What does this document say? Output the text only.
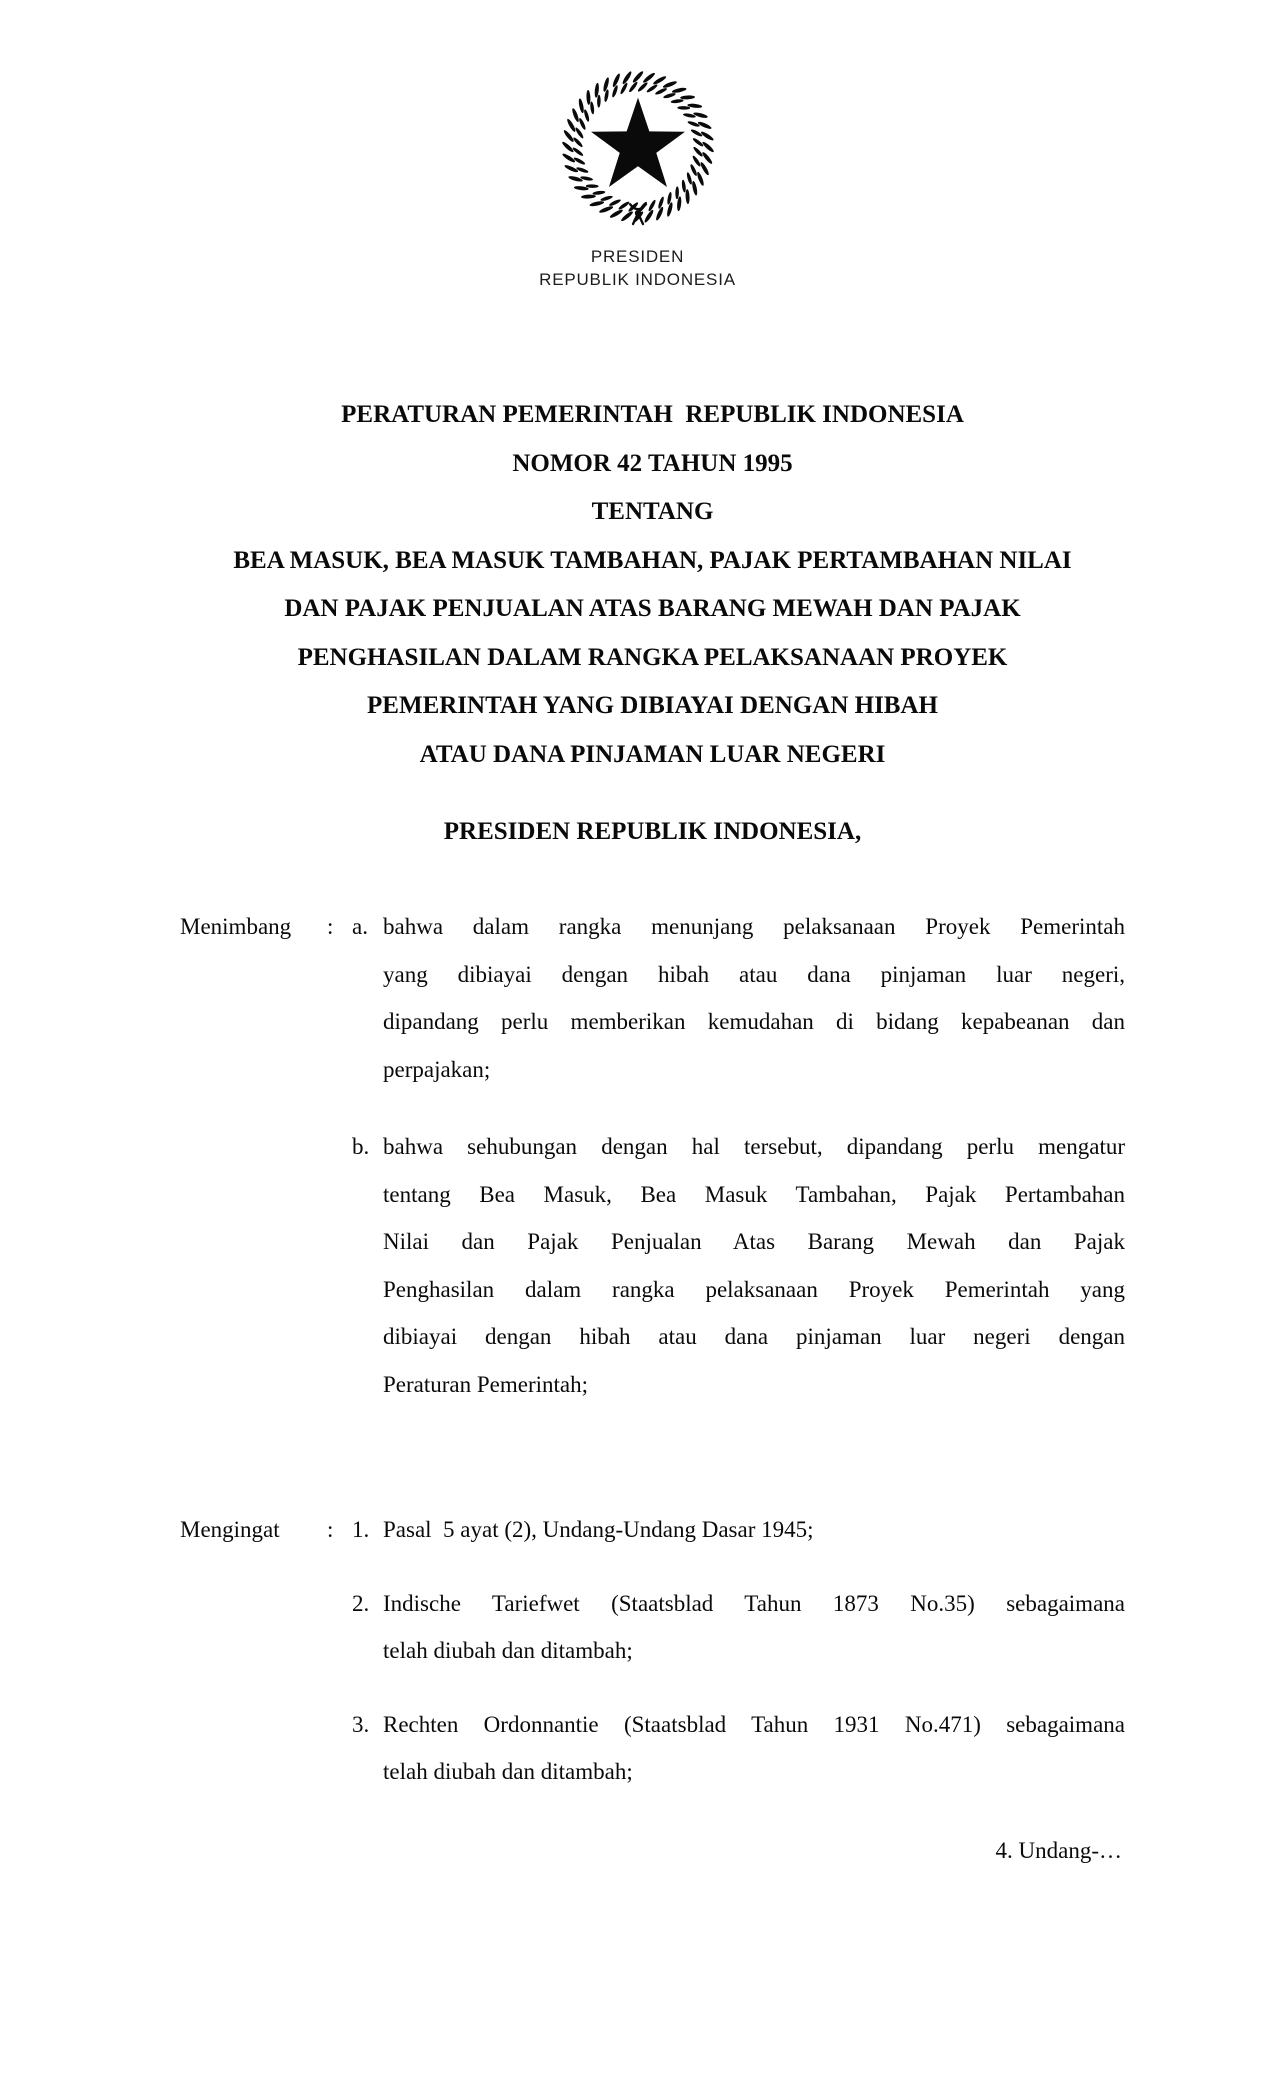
PRESIDEN
REPUBLIK INDONESIA
PERATURAN PEMERINTAH  REPUBLIK INDONESIA
NOMOR 42 TAHUN 1995
TENTANG
BEA MASUK, BEA MASUK TAMBAHAN, PAJAK PERTAMBAHAN NILAI
DAN PAJAK PENJUALAN ATAS BARANG MEWAH DAN PAJAK
PENGHASILAN DALAM RANGKA PELAKSANAAN PROYEK
PEMERINTAH YANG DIBIAYAI DENGAN HIBAH
ATAU DANA PINJAMAN LUAR NEGERI
PRESIDEN REPUBLIK INDONESIA,
Menimbang	: a. bahwa dalam rangka menunjang pelaksanaan Proyek Pemerintah
yang dibiayai dengan hibah atau dana pinjaman luar negeri,
dipandang perlu memberikan kemudahan di bidang kepabeanan dan
perpajakan;
b. bahwa sehubungan dengan hal tersebut, dipandang perlu mengatur
tentang Bea Masuk, Bea Masuk Tambahan, Pajak Pertambahan
Nilai dan Pajak Penjualan Atas Barang Mewah dan Pajak
Penghasilan dalam rangka pelaksanaan Proyek Pemerintah yang
dibiayai dengan hibah atau dana pinjaman luar negeri dengan
Peraturan Pemerintah;
Mengingat	: 1. Pasal  5 ayat (2), Undang-Undang Dasar 1945;
2. Indische Tariefwet (Staatsblad Tahun 1873 No.35) sebagaimana
telah diubah dan ditambah;
3. Rechten Ordonnantie (Staatsblad Tahun 1931 No.471) sebagaimana
telah diubah dan ditambah;
4. Undang-…
